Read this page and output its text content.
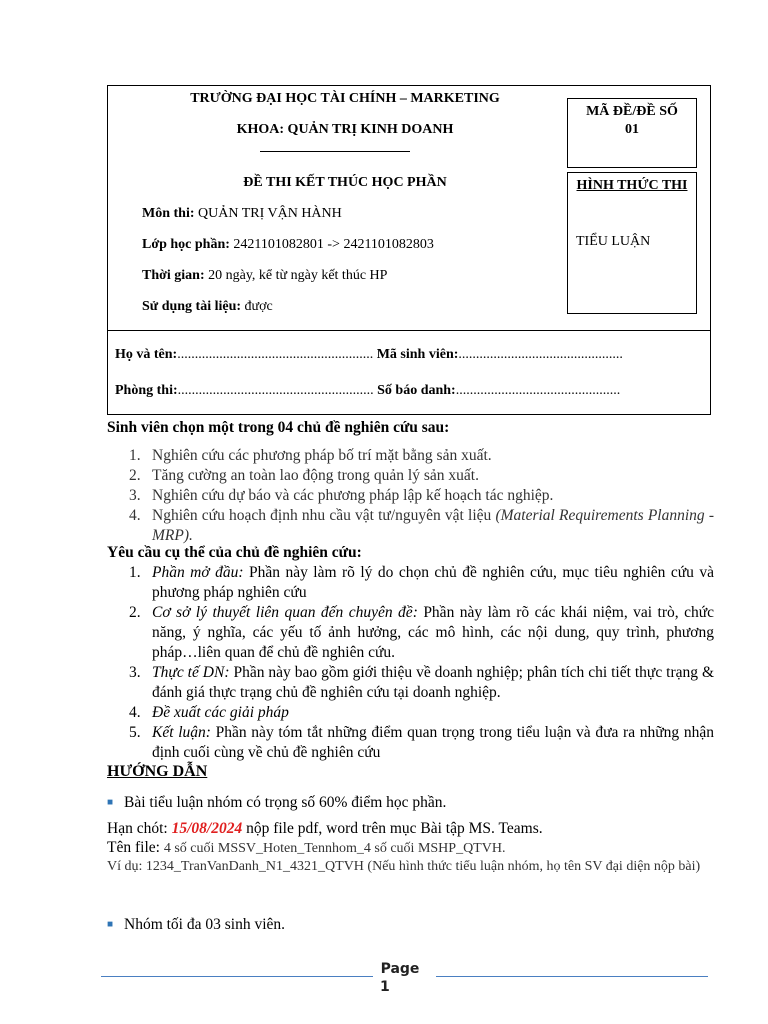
TRƯỜNG ĐẠI HỌC TÀI CHÍNH – MARKETING
KHOA: QUẢN TRỊ KINH DOANH
ĐỀ THI KẾT THÚC HỌC PHẦN
Môn thi: QUẢN TRỊ VẬN HÀNH
Lớp học phần: 2421101082801 -> 2421101082803
Thời gian: 20 ngày, kể từ ngày kết thúc HP
Sử dụng tài liệu: được
MÃ ĐỀ/ĐỀ SỐ
01
HÌNH THỨC THI
TIỂU LUẬN
Họ và tên:........................................................ Mã sinh viên:...............................................
Phòng thi:........................................................ Số báo danh:...............................................
Sinh viên chọn một trong 04 chủ đề nghiên cứu sau:
1. Nghiên cứu các phương pháp bố trí mặt bằng sản xuất.
2. Tăng cường an toàn lao động trong quản lý sản xuất.
3. Nghiên cứu dự báo và các phương pháp lập kế hoạch tác nghiệp.
4. Nghiên cứu hoạch định nhu cầu vật tư/nguyên vật liệu (Material Requirements Planning - MRP).
Yêu cầu cụ thể của chủ đề nghiên cứu:
1. Phần mở đầu: Phần này làm rõ lý do chọn chủ đề nghiên cứu, mục tiêu nghiên cứu và phương pháp nghiên cứu
2. Cơ sở lý thuyết liên quan đến chuyên đề: Phần này làm rõ các khái niệm, vai trò, chức năng, ý nghĩa, các yếu tố ảnh hưởng, các mô hình, các nội dung, quy trình, phương pháp…liên quan để chủ đề nghiên cứu.
3. Thực tế DN: Phần này bao gồm giới thiệu về doanh nghiệp; phân tích chi tiết thực trạng & đánh giá thực trạng chủ đề nghiên cứu tại doanh nghiệp.
4. Đề xuất các giải pháp
5. Kết luận: Phần này tóm tắt những điểm quan trọng trong tiểu luận và đưa ra những nhận định cuối cùng về chủ đề nghiên cứu
HƯỚNG DẪN
■ Bài tiểu luận nhóm có trọng số 60% điểm học phần.
Hạn chót: 15/08/2024 nộp file pdf, word trên mục Bài tập MS. Teams.
Tên file: 4 số cuối MSSV_Hoten_Tennhom_4 số cuối MSHP_QTVH.
Ví dụ: 1234_TranVanDanh_N1_4321_QTVH (Nếu hình thức tiểu luận nhóm, họ tên SV đại diện nộp bài)
■ Nhóm tối đa 03 sinh viên.
Page
1
